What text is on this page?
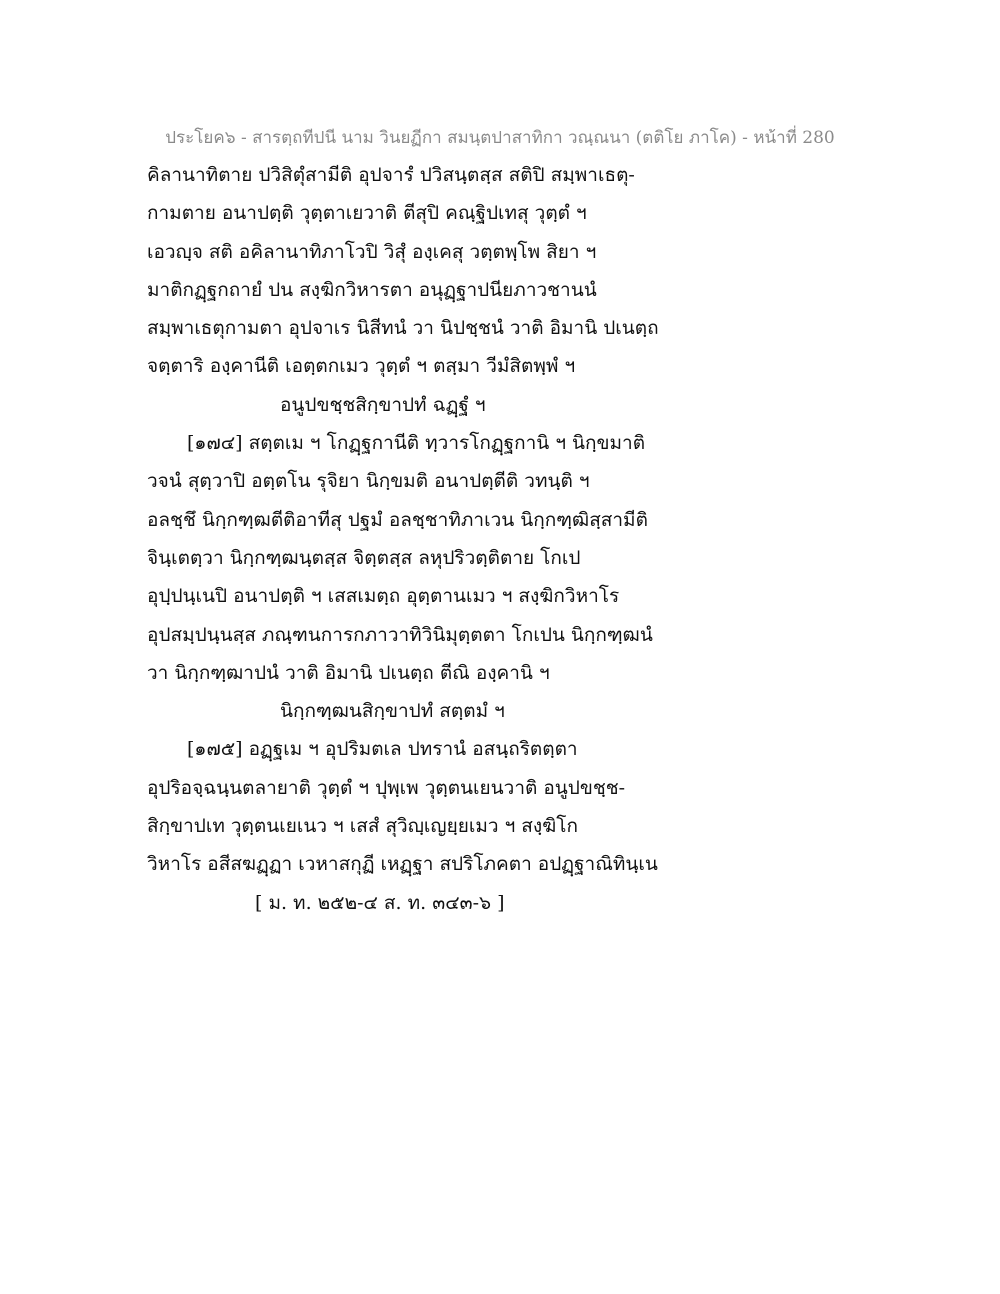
ประโยค๖ - สารตฺถทีปนี นาม วินยฏีกา สมนฺตปาสาทิกา วณฺณนา (ตติโย ภาโค) - หน้าที่ 280
คิลานาทิตาย ปวิสิตุํสามีติ อุปจารํ ปวิสนฺตสฺส สติปิ สมฺพาเธตุ-
กามตาย อนาปตฺติ วุตฺตาเยวาติ ตีสุปิ คณฺฐิปเทสุ วุตฺตํ ฯ
เอวญฺจ สติ อคิลานาทิภาโวปิ วิสุํ องฺเคสุ วตฺตพฺโพ สิยา ฯ
มาติกฏฺฐกถายํ ปน สงฺฆิกวิหารตา อนุฏฺฐาปนียภาวชานนํ
สมฺพาเธตุกามตา อุปจาเร นิสีทนํ วา นิปชฺชนํ วาติ อิมานิ ปเนตฺถ
จตฺตาริ องฺคานีติ เอตฺตกเมว วุตฺตํ ฯ ตสฺมา วีมํสิตพฺพํ ฯ
อนูปขชฺชสิกฺขาปทํ ฉฏฺฐํ ฯ
[๑๗๔] สตฺตเม ฯ โกฏฺฐกานีติ ทฺวารโกฏฺฐกานิ ฯ นิกฺขมาติ
วจนํ สุตฺวาปิ อตฺตโน รุจิยา นิกฺขมติ อนาปตฺตีติ วทนฺติ ฯ
อลชฺชึ นิกฺกฑฺฒตีติอาทีสุ ปฐมํ อลชฺชาทิภาเวน นิกฺกฑฺฒิสฺสามีติ
จินฺเตตฺวา นิกฺกฑฺฒนฺตสฺส จิตฺตสฺส ลหุปริวตฺติตาย โกเป
อุปฺปนฺเนปิ อนาปตฺติ ฯ เสสเมตฺถ อุตฺตานเมว ฯ สงฺฆิกวิหาโร
อุปสมฺปนฺนสฺส ภณฺฑนการกภาวาทิวินิมุตฺตตา โกเปน นิกฺกฑฺฒนํ
วา นิกฺกฑฺฒาปนํ วาติ อิมานิ ปเนตฺถ ตีณิ องฺคานิ ฯ
นิกฺกฑฺฒนสิกฺขาปทํ สตฺตมํ ฯ
[๑๗๕] อฏฺฐเม ฯ อุปริมตเล ปทรานํ อสนฺถริตตฺตา
อุปริอจฺฉนฺนตลายาติ วุตฺตํ ฯ ปุพฺเพ วุตฺตนเยนวาติ อนูปขชฺช-
สิกฺขาปเท วุตฺตนเยเนว ฯ เสสํ สุวิญฺเญยฺยเมว ฯ สงฺฆิโก
วิหาโร อสีสฆฏฺฏา เวหาสกุฏี เหฏฺฐา สปริโภคตา อปฏฺฐาณิทินฺเน
[ ม. ท. ๒๕๒-๔ ส. ท. ๓๔๓-๖ ]
